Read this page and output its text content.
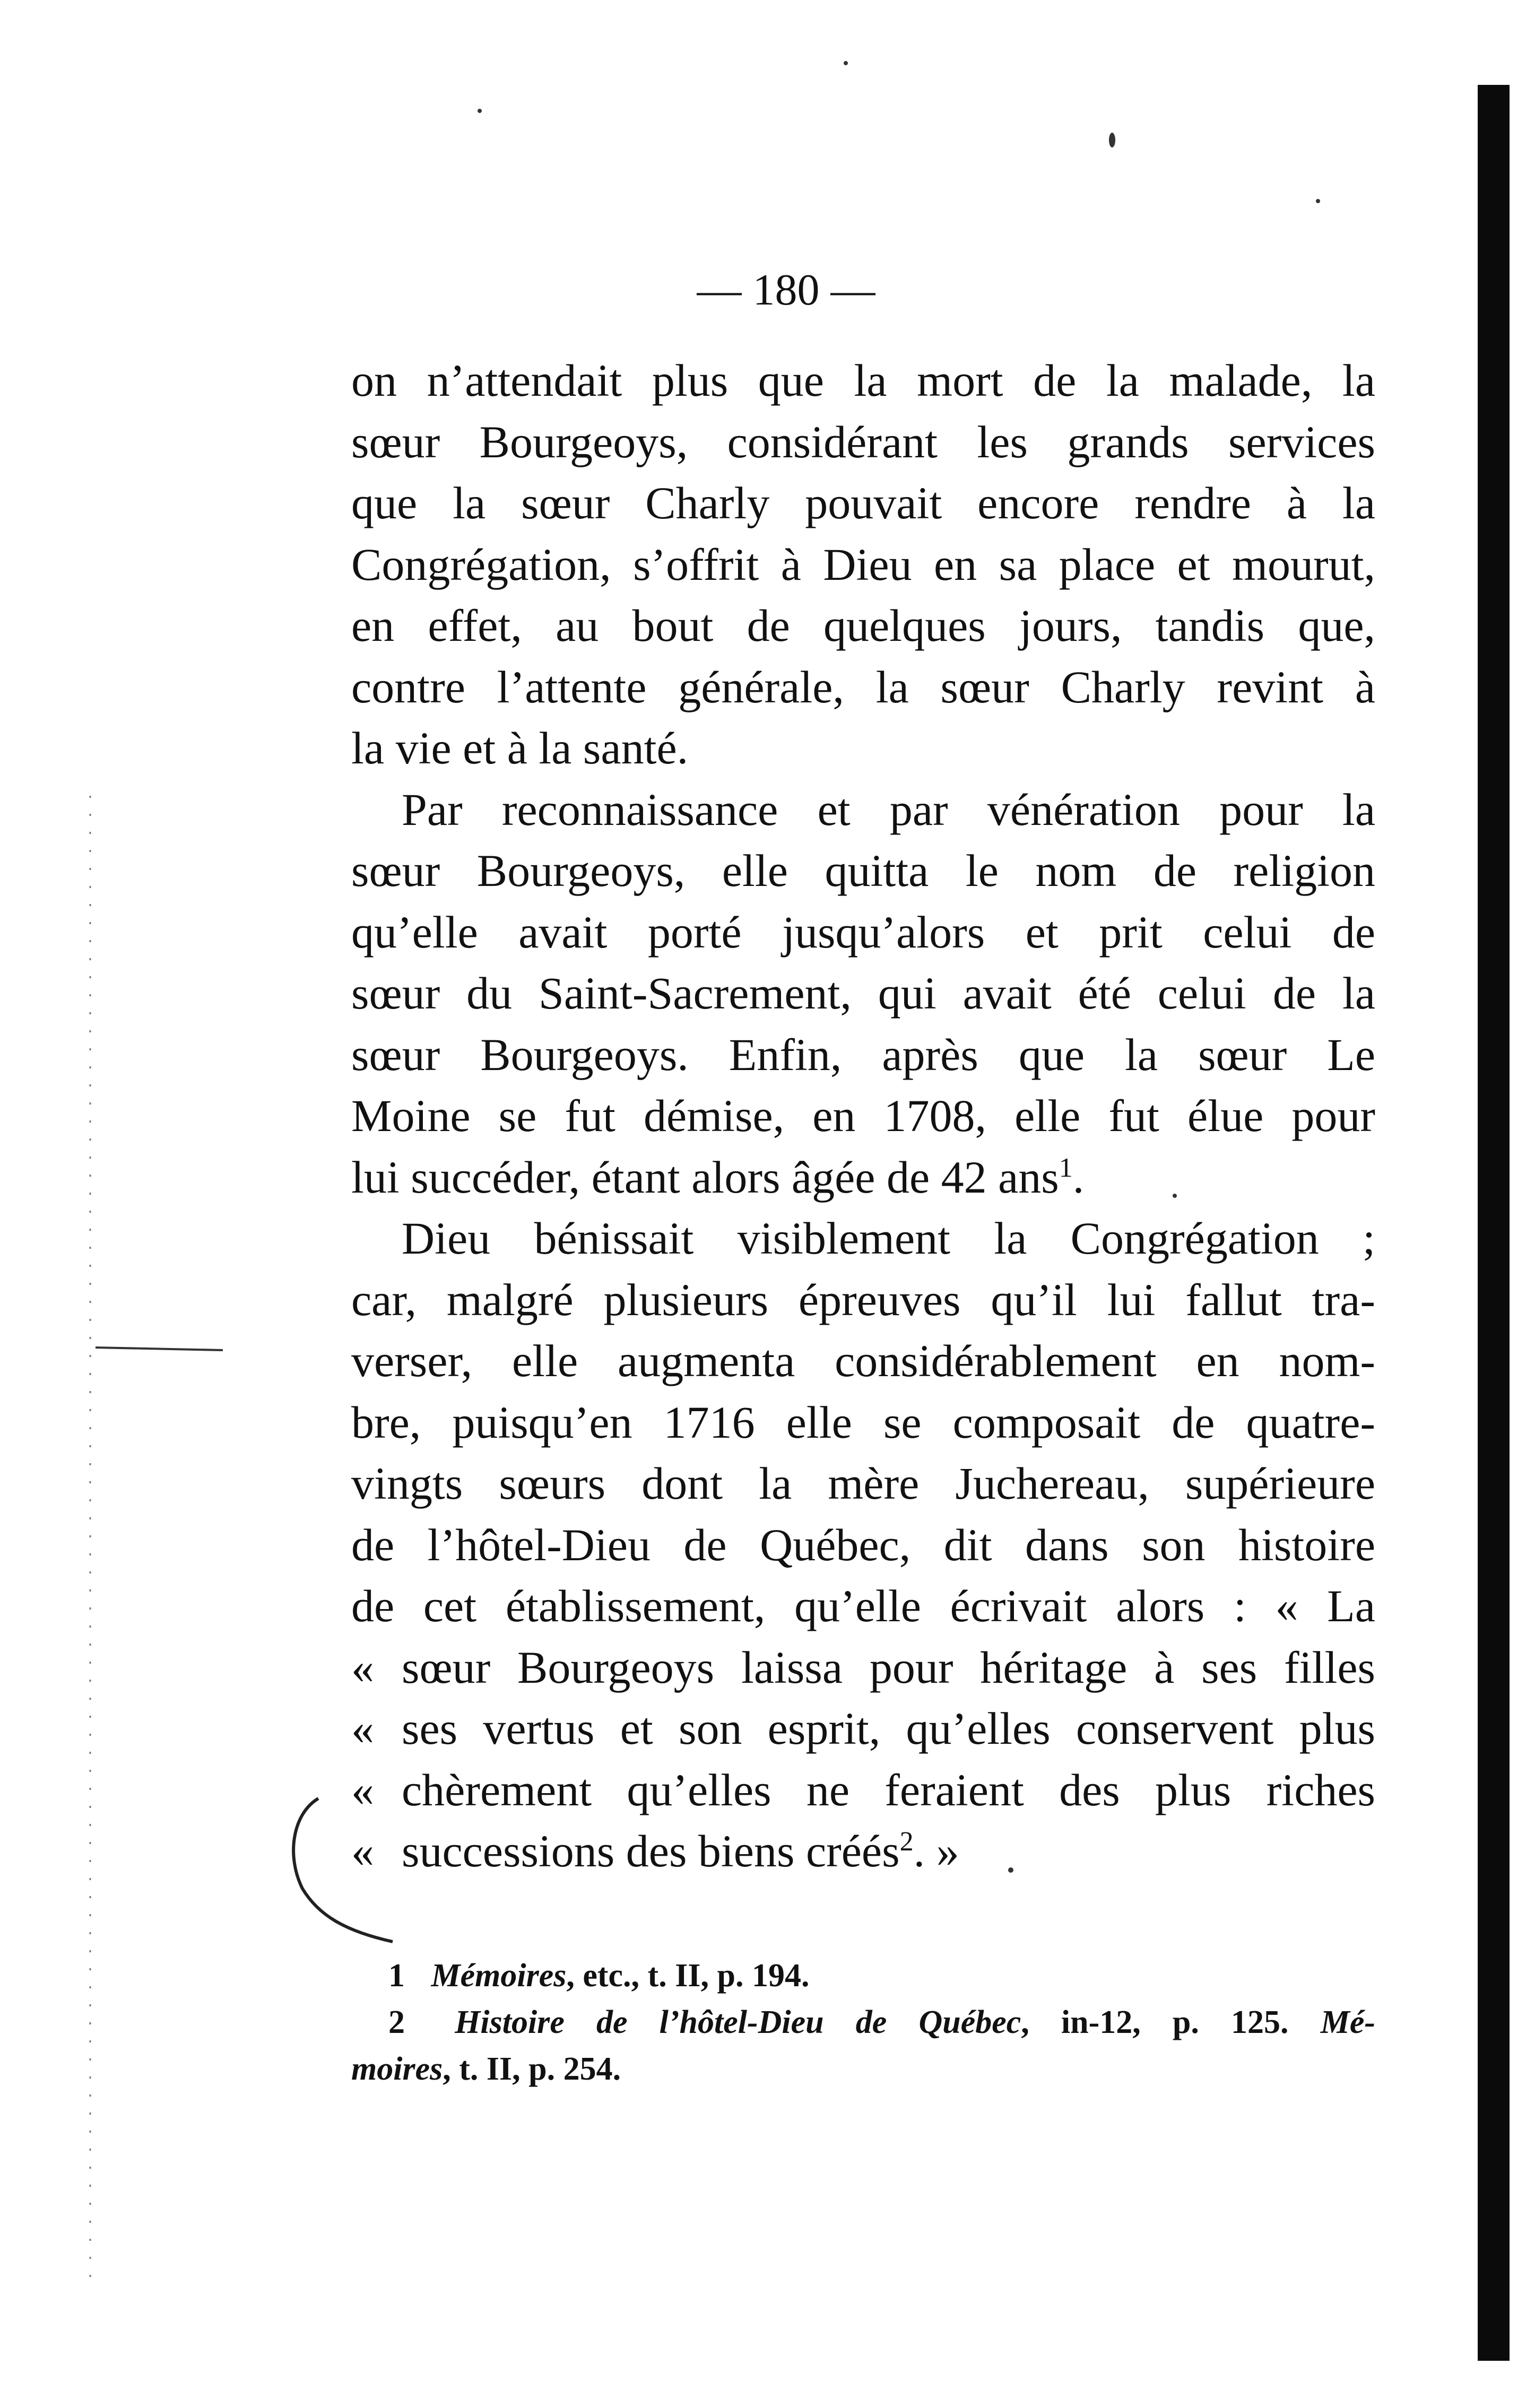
— 180 —
on n’attendait plus que la mort de la malade, la
sœur Bourgeoys, considérant les grands services
que la sœur Charly pouvait encore rendre à la
Congrégation, s’offrit à Dieu en sa place et mourut,
en effet, au bout de quelques jours, tandis que,
contre l’attente générale, la sœur Charly revint à
la vie et à la santé.
Par reconnaissance et par vénération pour la
sœur Bourgeoys, elle quitta le nom de religion
qu’elle avait porté jusqu’alors et prit celui de
sœur du Saint-Sacrement, qui avait été celui de la
sœur Bourgeoys. Enfin, après que la sœur Le
Moine se fut démise, en 1708, elle fut élue pour
lui succéder, étant alors âgée de 42 ans$^1$.
Dieu bénissait visiblement la Congrégation ;
car, malgré plusieurs épreuves qu’il lui fallut tra-
verser, elle augmenta considérablement en nom-
bre, puisqu’en 1716 elle se composait de quatre-
vingts sœurs dont la mère Juchereau, supérieure
de l’hôtel-Dieu de Québec, dit dans son histoire
de cet établissement, qu’elle écrivait alors : « La
« sœur Bourgeoys laissa pour héritage à ses filles
« ses vertus et son esprit, qu’elles conservent plus
« chèrement qu’elles ne feraient des plus riches
« successions des biens créés$^2$. »

1 Mémoires, etc., t. II, p. 194.

2 Histoire de l’hôtel-Dieu de Québec, in-12, p. 125. Mé-
moires, t. II, p. 254.
